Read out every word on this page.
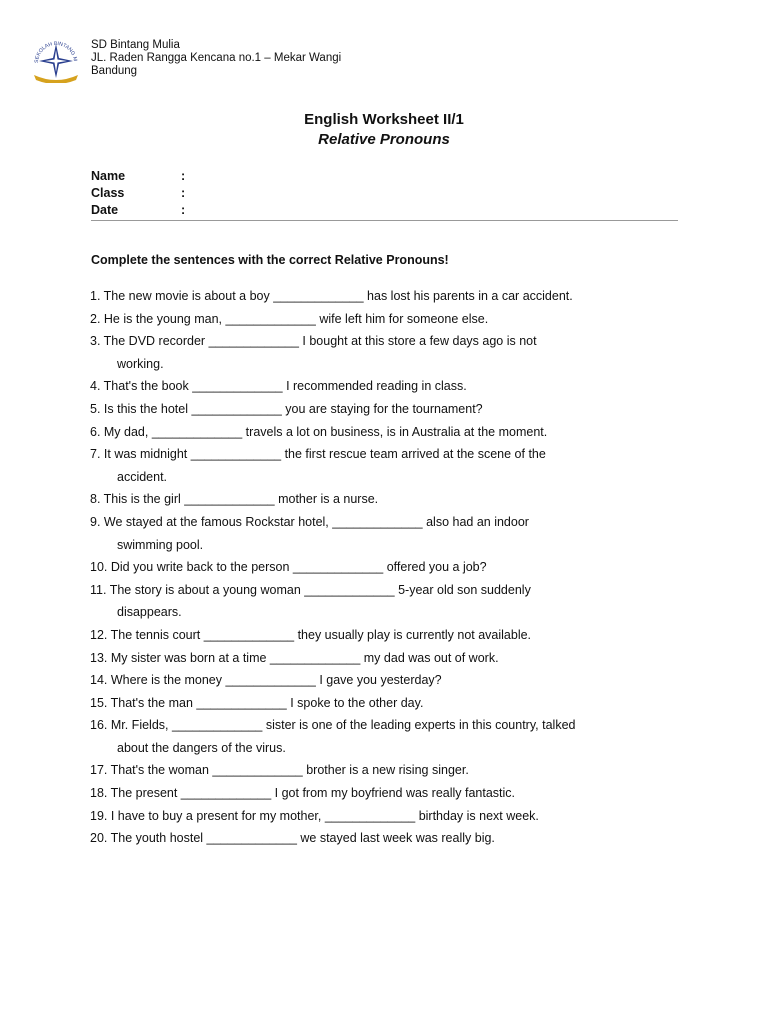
SEKOLAH BINTANG M
SD Bintang Mulia
JL. Raden Rangga Kencana no.1 – Mekar Wangi
Bandung
English Worksheet II/1
Relative Pronouns
Name	:
Class	:
Date	:
Complete the sentences with the correct Relative Pronouns!
1. The new movie is about a boy _____________ has lost his parents in a car accident.
2. He is the young man, _____________ wife left him for someone else.
3. The DVD recorder _____________ I bought at this store a few days ago is not
working.
4. That's the book _____________ I recommended reading in class.
5. Is this the hotel _____________ you are staying for the tournament?
6. My dad, _____________ travels a lot on business, is in Australia at the moment.
7. It was midnight _____________ the first rescue team arrived at the scene of the
accident.
8. This is the girl _____________ mother is a nurse.
9. We stayed at the famous Rockstar hotel, _____________ also had an indoor
swimming pool.
10. Did you write back to the person _____________ offered you a job?
11. The story is about a young woman _____________ 5-year old son suddenly
disappears.
12. The tennis court _____________ they usually play is currently not available.
13. My sister was born at a time _____________ my dad was out of work.
14. Where is the money _____________ I gave you yesterday?
15. That's the man _____________ I spoke to the other day.
16. Mr. Fields, _____________ sister is one of the leading experts in this country, talked
about the dangers of the virus.
17. That's the woman _____________ brother is a new rising singer.
18. The present _____________ I got from my boyfriend was really fantastic.
19. I have to buy a present for my mother, _____________ birthday is next week.
20. The youth hostel _____________ we stayed last week was really big.
